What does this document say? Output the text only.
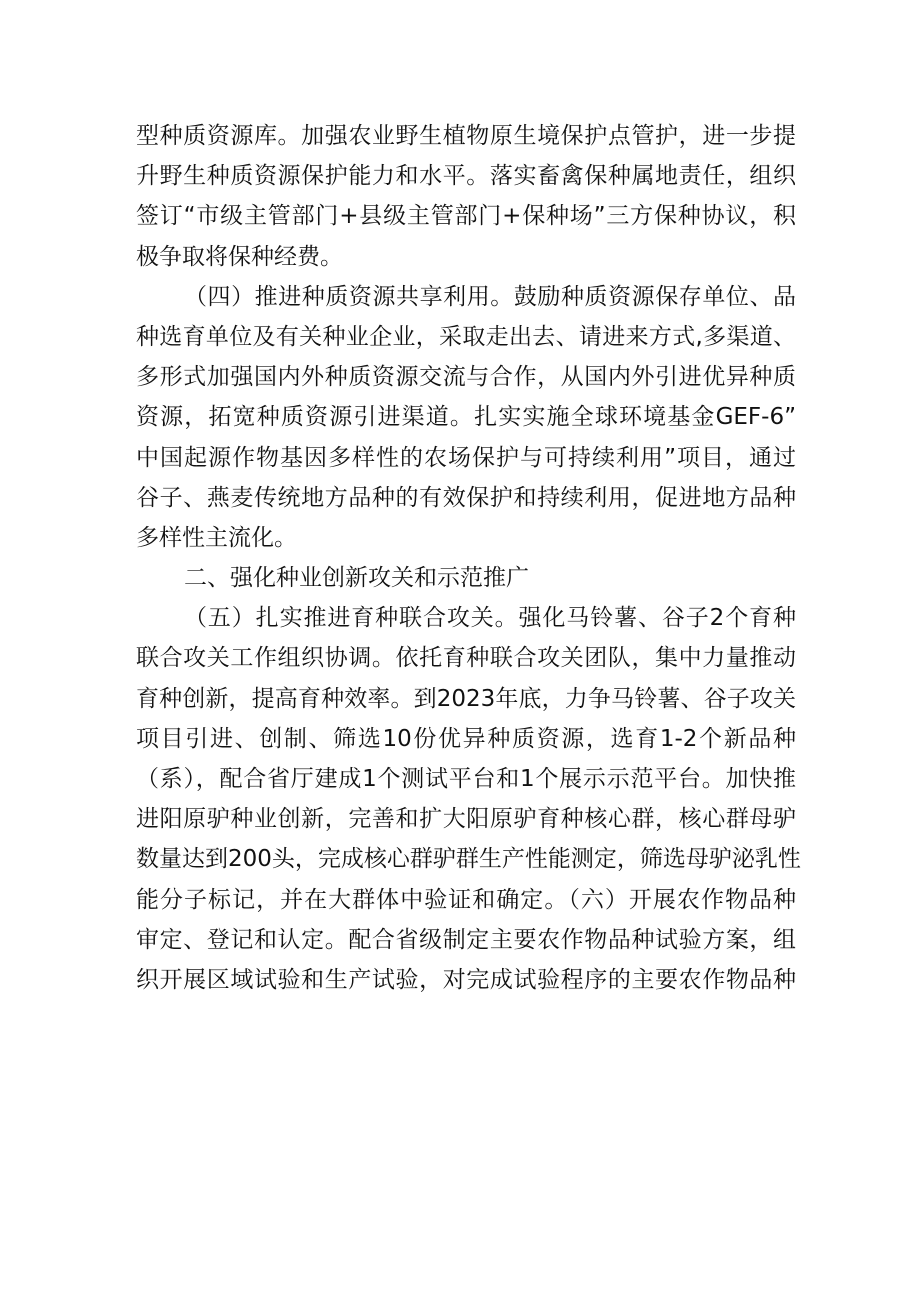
型种质资源库。加强农业野生植物原生境保护点管护，进一步提
升野生种质资源保护能力和水平。落实畜禽保种属地责任，组织
签订“市级主管部门+县级主管部门+保种场”三方保种协议，积
极争取将保种经费。
（四）推进种质资源共享利用。鼓励种质资源保存单位、品
种选育单位及有关种业企业，采取走出去、请进来方式,多渠道、
多形式加强国内外种质资源交流与合作，从国内外引进优异种质
资源，拓宽种质资源引进渠道。扎实实施全球环境基金GEF-6”
中国起源作物基因多样性的农场保护与可持续利用”项目，通过
谷子、燕麦传统地方品种的有效保护和持续利用，促进地方品种
多样性主流化。
二、强化种业创新攻关和示范推广
（五）扎实推进育种联合攻关。强化马铃薯、谷子2个育种
联合攻关工作组织协调。依托育种联合攻关团队，集中力量推动
育种创新，提高育种效率。到2023年底，力争马铃薯、谷子攻关
项目引进、创制、筛选10份优异种质资源，选育1-2个新品种
（系），配合省厅建成1个测试平台和1个展示示范平台。加快推
进阳原驴种业创新，完善和扩大阳原驴育种核心群，核心群母驴
数量达到200头，完成核心群驴群生产性能测定，筛选母驴泌乳性
能分子标记，并在大群体中验证和确定。（六）开展农作物品种
审定、登记和认定。配合省级制定主要农作物品种试验方案，组
织开展区域试验和生产试验，对完成试验程序的主要农作物品种
